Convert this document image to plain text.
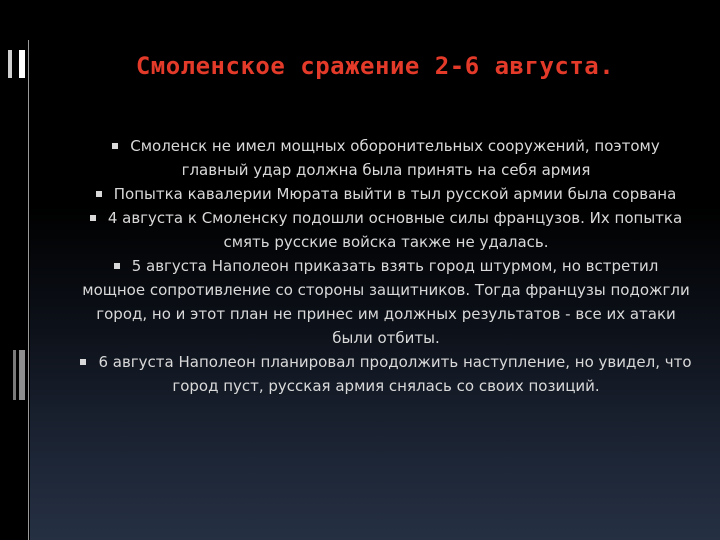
Смоленское сражение 2-6 августа.

Смоленск не имел мощных оборонительных сооружений, поэтому главный удар должна была принять на себя армия

Попытка кавалерии Мюрата выйти в тыл русской армии была сорвана

4 августа к Смоленску подошли основные силы французов. Их попытка смять русские войска также не удалась.

5 августа Наполеон приказать взять город штурмом, но встретил мощное сопротивление со стороны защитников. Тогда французы подожгли город, но и этот план не принес им должных результатов - все их атаки были отбиты.

6 августа Наполеон планировал продолжить наступление, но увидел, что город пуст, русская армия снялась со своих позиций.
